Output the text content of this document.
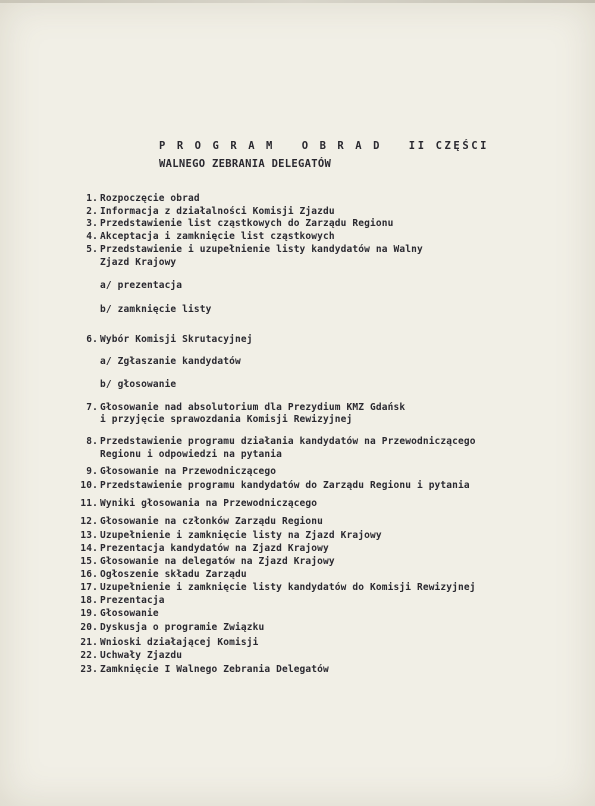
P R O G R A M   O B R A D   II CZĘŚCI
WALNEGO ZEBRANIA DELEGATÓW
1. Rozpoczęcie obrad
2. Informacja z działalności Komisji Zjazdu
3. Przedstawienie list cząstkowych do Zarządu Regionu
4. Akceptacja i zamknięcie list cząstkowych
5. Przedstawienie i uzupełnienie listy kandydatów na Walny
Zjazd Krajowy
a/ prezentacja
b/ zamknięcie listy
6. Wybór Komisji Skrutacyjnej
a/ Zgłaszanie kandydatów
b/ głosowanie
7. Głosowanie nad absolutorium dla Prezydium KMZ Gdańsk
i przyjęcie sprawozdania Komisji Rewizyjnej
8. Przedstawienie programu działania kandydatów na Przewodniczącego
Regionu i odpowiedzi na pytania
9. Głosowanie na Przewodniczącego
10. Przedstawienie programu kandydatów do Zarządu Regionu i pytania
11. Wyniki głosowania na Przewodniczącego
12. Głosowanie na członków Zarządu Regionu
13. Uzupełnienie i zamknięcie listy na Zjazd Krajowy
14. Prezentacja kandydatów na Zjazd Krajowy
15. Głosowanie na delegatów na Zjazd Krajowy
16. Ogłoszenie składu Zarządu
17. Uzupełnienie i zamknięcie listy kandydatów do Komisji Rewizyjnej
18. Prezentacja
19. Głosowanie
20. Dyskusja o programie Związku
21. Wnioski działającej Komisji
22. Uchwały Zjazdu
23. Zamknięcie I Walnego Zebrania Delegatów
